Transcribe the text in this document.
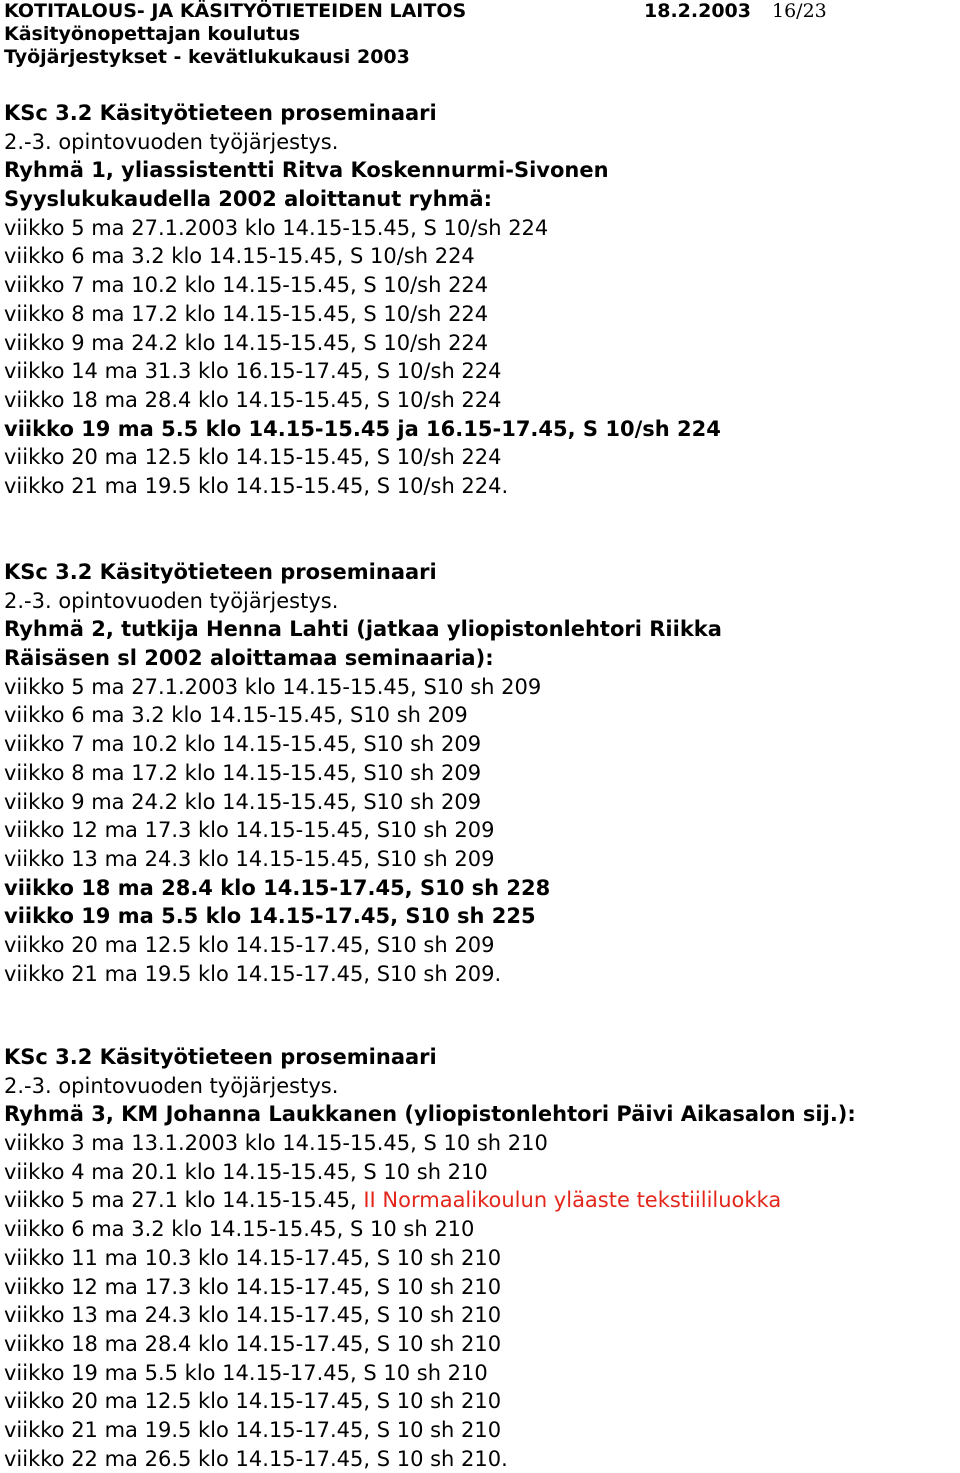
KOTITALOUS- JA KÄSITYÖTIETEIDEN LAITOS	18.2.2003 16/23
Käsityönopettajan koulutus
Työjärjestykset - kevätlukukausi 2003
KSc 3.2 Käsityötieteen proseminaari
2.-3. opintovuoden työjärjestys.
Ryhmä 1, yliassistentti Ritva Koskennurmi-Sivonen
Syyslukukaudella 2002 aloittanut ryhmä:
viikko 5 ma 27.1.2003 klo 14.15-15.45, S 10/sh 224
viikko 6 ma 3.2 klo 14.15-15.45, S 10/sh 224
viikko 7 ma 10.2 klo 14.15-15.45, S 10/sh 224
viikko 8 ma 17.2 klo 14.15-15.45, S 10/sh 224
viikko 9 ma 24.2 klo 14.15-15.45, S 10/sh 224
viikko 14 ma 31.3 klo 16.15-17.45, S 10/sh 224
viikko 18 ma 28.4 klo 14.15-15.45, S 10/sh 224
viikko 19 ma 5.5 klo 14.15-15.45 ja 16.15-17.45, S 10/sh 224
viikko 20 ma 12.5 klo 14.15-15.45, S 10/sh 224
viikko 21 ma 19.5 klo 14.15-15.45, S 10/sh 224.
KSc 3.2 Käsityötieteen proseminaari
2.-3. opintovuoden työjärjestys.
Ryhmä 2, tutkija Henna Lahti (jatkaa yliopistonlehtori Riikka
Räisäsen sl 2002 aloittamaa seminaaria):
viikko 5 ma 27.1.2003 klo 14.15-15.45, S10 sh 209
viikko 6 ma 3.2 klo 14.15-15.45, S10 sh 209
viikko 7 ma 10.2 klo 14.15-15.45, S10 sh 209
viikko 8 ma 17.2 klo 14.15-15.45, S10 sh 209
viikko 9 ma 24.2 klo 14.15-15.45, S10 sh 209
viikko 12 ma 17.3 klo 14.15-15.45, S10 sh 209
viikko 13 ma 24.3 klo 14.15-15.45, S10 sh 209
viikko 18 ma 28.4 klo 14.15-17.45, S10 sh 228
viikko 19 ma 5.5 klo 14.15-17.45, S10 sh 225
viikko 20 ma 12.5 klo 14.15-17.45, S10 sh 209
viikko 21 ma 19.5 klo 14.15-17.45, S10 sh 209.
KSc 3.2 Käsityötieteen proseminaari
2.-3. opintovuoden työjärjestys.
Ryhmä 3, KM Johanna Laukkanen (yliopistonlehtori Päivi Aikasalon sij.):
viikko 3 ma 13.1.2003 klo 14.15-15.45, S 10 sh 210
viikko 4 ma 20.1 klo 14.15-15.45, S 10 sh 210
viikko 5 ma 27.1 klo 14.15-15.45, II Normaalikoulun yläaste tekstiililuokka
viikko 6 ma 3.2 klo 14.15-15.45, S 10 sh 210
viikko 11 ma 10.3 klo 14.15-17.45, S 10 sh 210
viikko 12 ma 17.3 klo 14.15-17.45, S 10 sh 210
viikko 13 ma 24.3 klo 14.15-17.45, S 10 sh 210
viikko 18 ma 28.4 klo 14.15-17.45, S 10 sh 210
viikko 19 ma 5.5 klo 14.15-17.45, S 10 sh 210
viikko 20 ma 12.5 klo 14.15-17.45, S 10 sh 210
viikko 21 ma 19.5 klo 14.15-17.45, S 10 sh 210
viikko 22 ma 26.5 klo 14.15-17.45, S 10 sh 210.
